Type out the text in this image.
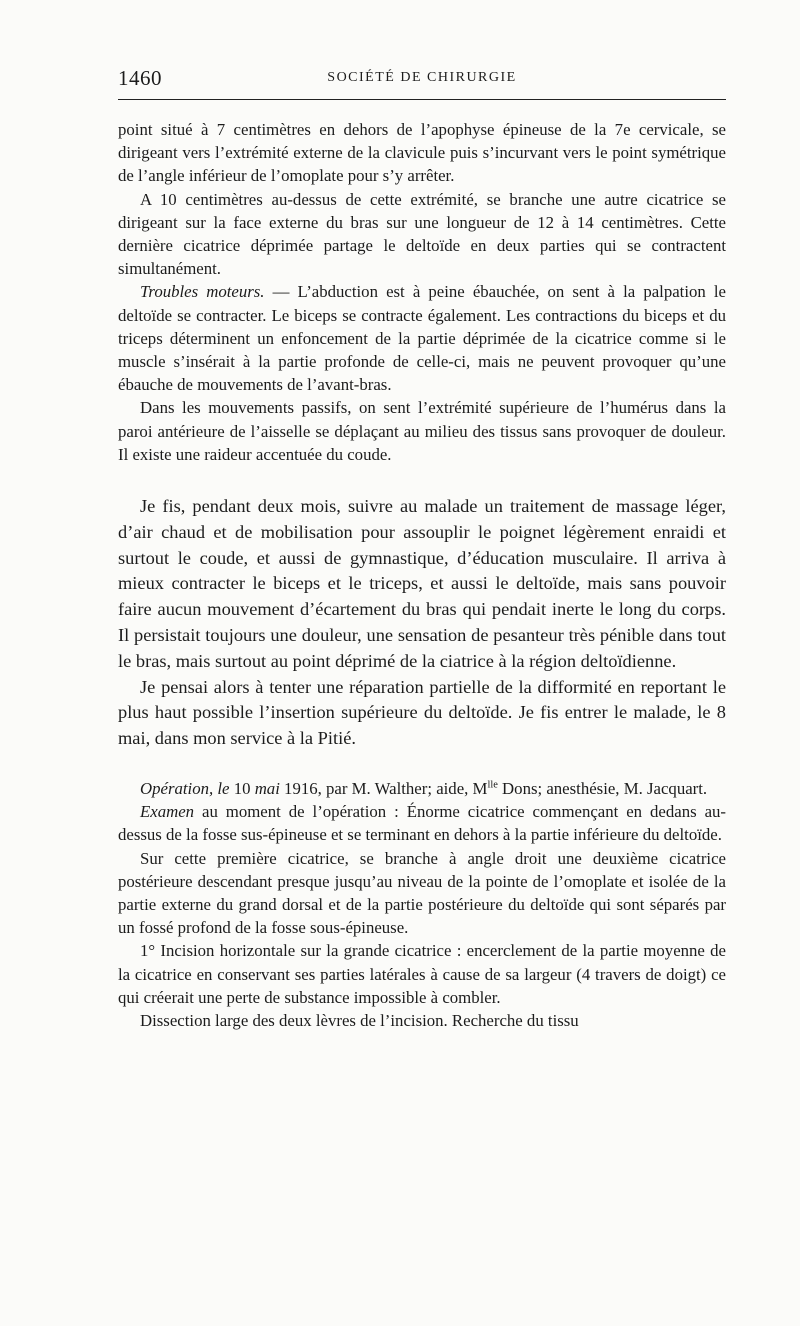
1460	SOCIÉTÉ DE CHIRURGIE

point situé à 7 centimètres en dehors de l’apophyse épineuse de la 7e cervicale, se dirigeant vers l’extrémité externe de la clavicule puis s’incurvant vers le point symétrique de l’angle inférieur de l’omoplate pour s’y arrêter.

A 10 centimètres au-dessus de cette extrémité, se branche une autre cicatrice se dirigeant sur la face externe du bras sur une longueur de 12 à 14 centimètres. Cette dernière cicatrice déprimée partage le deltoïde en deux parties qui se contractent simultanément.

Troubles moteurs. — L’abduction est à peine ébauchée, on sent à la palpation le deltoïde se contracter. Le biceps se contracte également. Les contractions du biceps et du triceps déterminent un enfoncement de la partie déprimée de la cicatrice comme si le muscle s’insérait à la partie profonde de celle-ci, mais ne peuvent provoquer qu’une ébauche de mouvements de l’avant-bras.

Dans les mouvements passifs, on sent l’extrémité supérieure de l’humérus dans la paroi antérieure de l’aisselle se déplaçant au milieu des tissus sans provoquer de douleur. Il existe une raideur accentuée du coude.

Je fis, pendant deux mois, suivre au malade un traitement de massage léger, d’air chaud et de mobilisation pour assouplir le poignet légèrement enraidi et surtout le coude, et aussi de gymnastique, d’éducation musculaire. Il arriva à mieux contracter le biceps et le triceps, et aussi le deltoïde, mais sans pouvoir faire aucun mouvement d’écartement du bras qui pendait inerte le long du corps. Il persistait toujours une douleur, une sensation de pesanteur très pénible dans tout le bras, mais surtout au point déprimé de la ciatrice à la région deltoïdienne.

Je pensai alors à tenter une réparation partielle de la difformité en reportant le plus haut possible l’insertion supérieure du deltoïde. Je fis entrer le malade, le 8 mai, dans mon service à la Pitié.

Opération, le 10 mai 1916, par M. Walther; aide, $M^{lle}$ Dons; anesthésie, M. Jacquart.

Examen au moment de l’opération : Énorme cicatrice commençant en dedans au-dessus de la fosse sus-épineuse et se terminant en dehors à la partie inférieure du deltoïde.

Sur cette première cicatrice, se branche à angle droit une deuxième cicatrice postérieure descendant presque jusqu’au niveau de la pointe de l’omoplate et isolée de la partie externe du grand dorsal et de la partie postérieure du deltoïde qui sont séparés par un fossé profond de la fosse sous-épineuse.

1° Incision horizontale sur la grande cicatrice : encerclement de la partie moyenne de la cicatrice en conservant ses parties latérales à cause de sa largeur (4 travers de doigt) ce qui créerait une perte de substance impossible à combler.

Dissection large des deux lèvres de l’incision. Recherche du tissu
